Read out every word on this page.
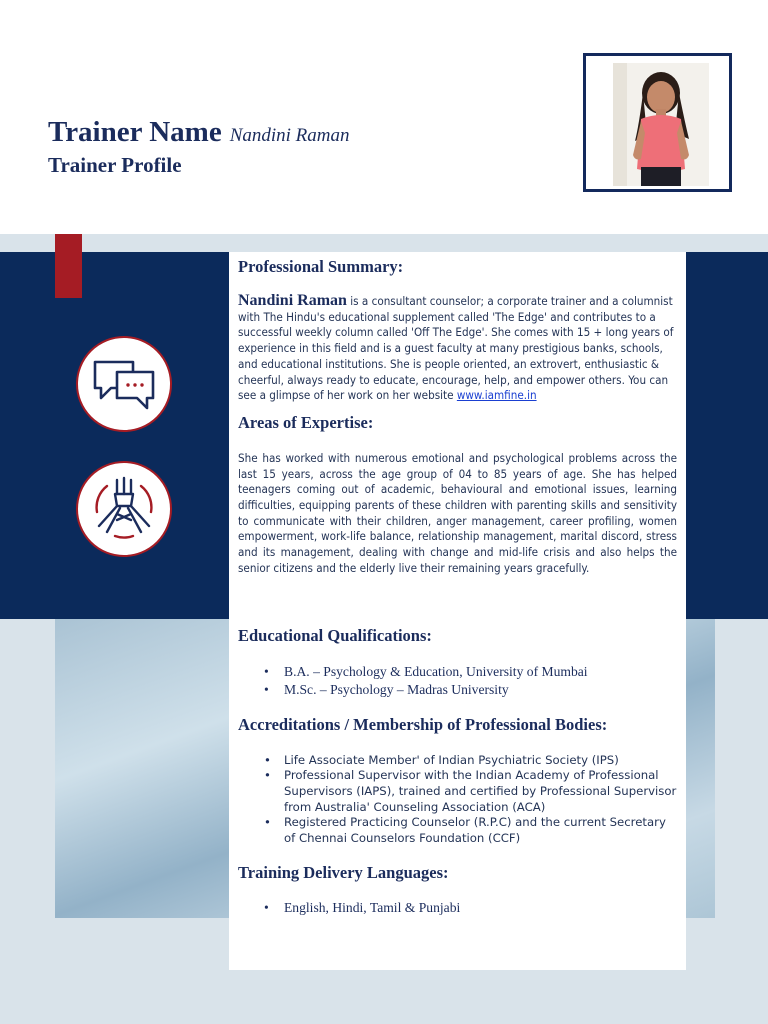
Trainer Name Nandini Raman
Trainer Profile
Professional Summary:

Nandini Raman is a consultant counselor; a corporate trainer and a columnist with The Hindu's educational supplement called 'The Edge' and contributes to a successful weekly column called 'Off The Edge'. She comes with 15 + long years of experience in this field and is a guest faculty at many prestigious banks, schools, and educational institutions. She is people oriented, an extrovert, enthusiastic & cheerful, always ready to educate, encourage, help, and empower others. You can see a glimpse of her work on her website www.iamfine.in

Areas of Expertise:

She has worked with numerous emotional and psychological problems across the last 15 years, across the age group of 04 to 85 years of age. She has helped teenagers coming out of academic, behavioural and emotional issues, learning difficulties, equipping parents of these children with parenting skills and sensitivity to communicate with their children, anger management, career profiling, women empowerment, work-life balance, relationship management, marital discord, stress and its management, dealing with change and mid-life crisis and also helps the senior citizens and the elderly live their remaining years gracefully.

Educational Qualifications:
• B.A. – Psychology & Education, University of Mumbai
• M.Sc. – Psychology – Madras University
Accreditations / Membership of Professional Bodies:
• Life Associate Member' of Indian Psychiatric Society (IPS)
• Professional Supervisor with the Indian Academy of Professional Supervisors (IAPS), trained and certified by Professional Supervisor from Australia' Counseling Association (ACA)
• Registered Practicing Counselor (R.P.C) and the current Secretary of Chennai Counselors Foundation (CCF)
Training Delivery Languages:
• English, Hindi, Tamil & Punjabi
